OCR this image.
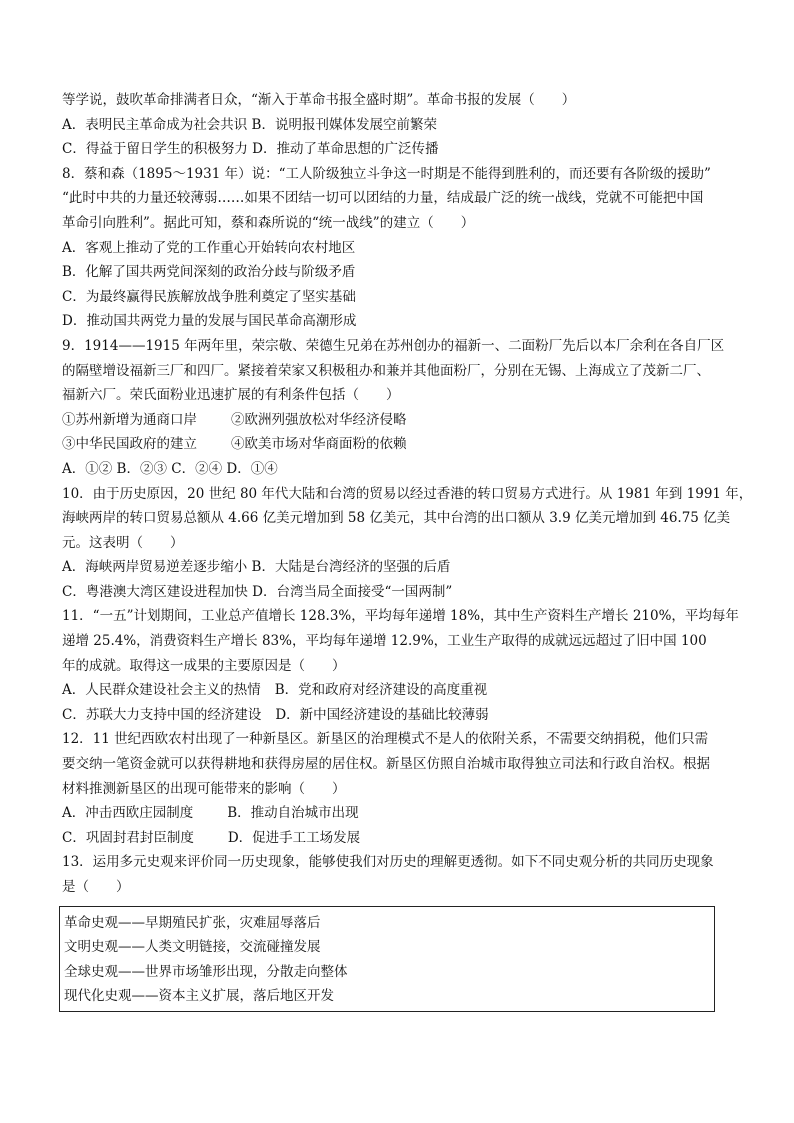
等学说，鼓吹革命排满者日众，“渐入于革命书报全盛时期”。革命书报的发展（　　）
A．表明民主革命成为社会共识 B．说明报刊媒体发展空前繁荣
C．得益于留日学生的积极努力 D．推动了革命思想的广泛传播
8．蔡和森（1895～1931 年）说：“工人阶级独立斗争这一时期是不能得到胜利的，而还要有各阶级的援助”
“此时中共的力量还较薄弱……如果不团结一切可以团结的力量，结成最广泛的统一战线，党就不可能把中国
革命引向胜利”。据此可知，蔡和森所说的“统一战线”的建立（　　）
A．客观上推动了党的工作重心开始转向农村地区
B．化解了国共两党间深刻的政治分歧与阶级矛盾
C．为最终赢得民族解放战争胜利奠定了坚实基础
D．推动国共两党力量的发展与国民革命高潮形成
9．1914——1915 年两年里，荣宗敬、荣德生兄弟在苏州创办的福新一、二面粉厂先后以本厂余利在各自厂区
的隔壁增设福新三厂和四厂。紧接着荣家又积极租办和兼并其他面粉厂，分别在无锡、上海成立了茂新二厂、
福新六厂。荣氏面粉业迅速扩展的有利条件包括（　　）
①苏州新增为通商口岸	②欧洲列强放松对华经济侵略
③中华民国政府的建立	④欧美市场对华商面粉的依赖
A．①② B．②③ C．②④ D．①④
10．由于历史原因，20 世纪 80 年代大陆和台湾的贸易以经过香港的转口贸易方式进行。从 1981 年到 1991 年，
海峡两岸的转口贸易总额从 4.66 亿美元增加到 58 亿美元，其中台湾的出口额从 3.9 亿美元增加到 46.75 亿美
元。这表明（　　）
A．海峡两岸贸易逆差逐步缩小 B．大陆是台湾经济的坚强的后盾
C．粤港澳大湾区建设进程加快 D．台湾当局全面接受“一国两制”
11．“一五”计划期间，工业总产值增长 128.3%，平均每年递增 18%，其中生产资料生产增长 210%，平均每年
递增 25.4%，消费资料生产增长 83%，平均每年递增 12.9%，工业生产取得的成就远远超过了旧中国 100
年的成就。取得这一成果的主要原因是（　　）
A．人民群众建设社会主义的热情 B．党和政府对经济建设的高度重视
C．苏联大力支持中国的经济建设 D．新中国经济建设的基础比较薄弱
12．11 世纪西欧农村出现了一种新垦区。新垦区的治理模式不是人的依附关系，不需要交纳捐税，他们只需
要交纳一笔资金就可以获得耕地和获得房屋的居住权。新垦区仿照自治城市取得独立司法和行政自治权。根据
材料推测新垦区的出现可能带来的影响（　　）
A．冲击西欧庄园制度	B．推动自治城市出现
C．巩固封君封臣制度	D．促进手工工场发展
13．运用多元史观来评价同一历史现象，能够使我们对历史的理解更透彻。如下不同史观分析的共同历史现象
是（　　）
革命史观——早期殖民扩张，灾难屈辱落后
文明史观——人类文明链接，交流碰撞发展
全球史观——世界市场雏形出现，分散走向整体
现代化史观——资本主义扩展，落后地区开发
